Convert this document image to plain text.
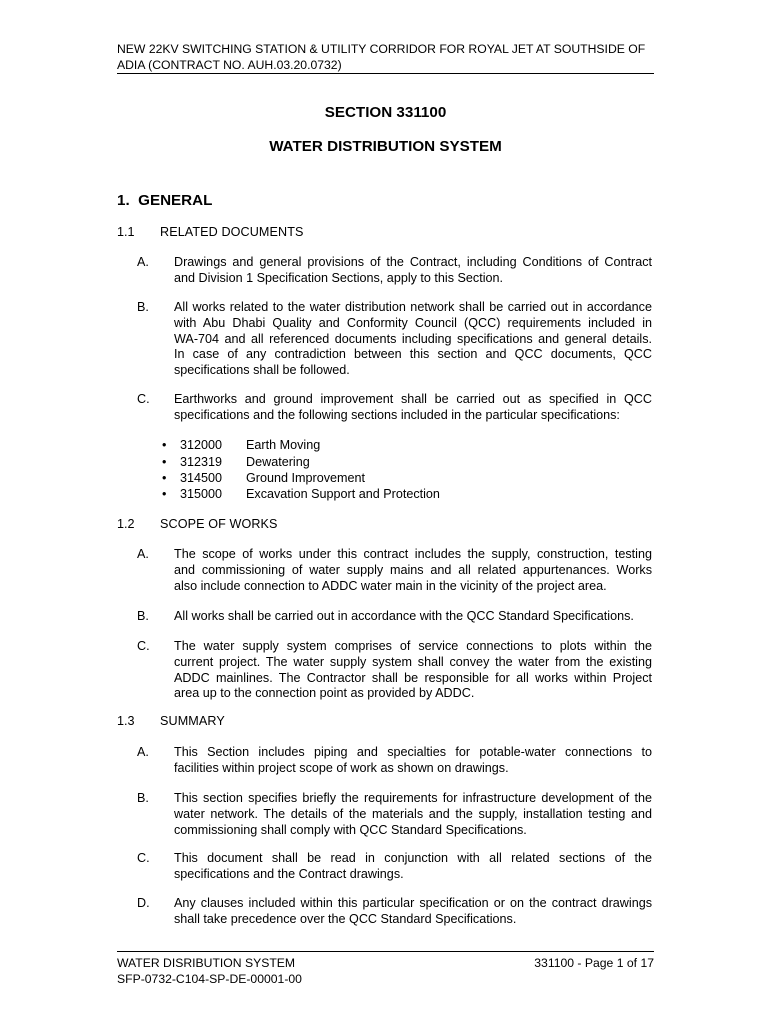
NEW 22KV SWITCHING STATION & UTILITY CORRIDOR FOR ROYAL JET AT SOUTHSIDE OF
ADIA (CONTRACT NO. AUH.03.20.0732)
SECTION 331100
WATER DISTRIBUTION SYSTEM
1. GENERAL
1.1 RELATED DOCUMENTS
A. Drawings and general provisions of the Contract, including Conditions of Contract
and Division 1 Specification Sections, apply to this Section.
B. All works related to the water distribution network shall be carried out in accordance
with Abu Dhabi Quality and Conformity Council (QCC) requirements included in
WA-704 and all referenced documents including specifications and general details.
In case of any contradiction between this section and QCC documents, QCC
specifications shall be followed.
C. Earthworks and ground improvement shall be carried out as specified in QCC
specifications and the following sections included in the particular specifications:
• 312000 Earth Moving
• 312319 Dewatering
• 314500 Ground Improvement
• 315000 Excavation Support and Protection
1.2 SCOPE OF WORKS
A. The scope of works under this contract includes the supply, construction, testing
and commissioning of water supply mains and all related appurtenances. Works
also include connection to ADDC water main in the vicinity of the project area.
B. All works shall be carried out in accordance with the QCC Standard Specifications.
C. The water supply system comprises of service connections to plots within the
current project. The water supply system shall convey the water from the existing
ADDC mainlines. The Contractor shall be responsible for all works within Project
area up to the connection point as provided by ADDC.
1.3 SUMMARY
A. This Section includes piping and specialties for potable-water connections to
facilities within project scope of work as shown on drawings.
B. This section specifies briefly the requirements for infrastructure development of the
water network. The details of the materials and the supply, installation testing and
commissioning shall comply with QCC Standard Specifications.
C. This document shall be read in conjunction with all related sections of the
specifications and the Contract drawings.
D. Any clauses included within this particular specification or on the contract drawings
shall take precedence over the QCC Standard Specifications.
WATER DISRIBUTION SYSTEM
SFP-0732-C104-SP-DE-00001-00
331100 - Page 1 of 17
